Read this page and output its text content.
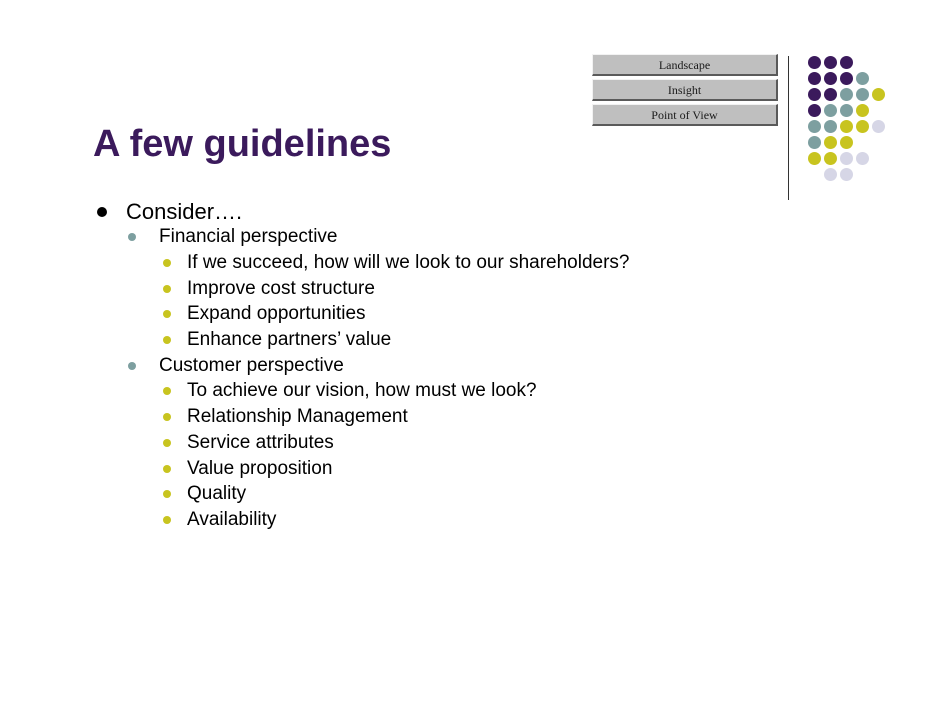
Landscape
Insight
Point of View
A few guidelines
Consider….
Financial perspective
If we succeed, how will we look to our shareholders?
Improve cost structure
Expand opportunities
Enhance partners’ value
Customer perspective
To achieve our vision, how must we look?
Relationship Management
Service attributes
Value proposition
Quality
Availability
